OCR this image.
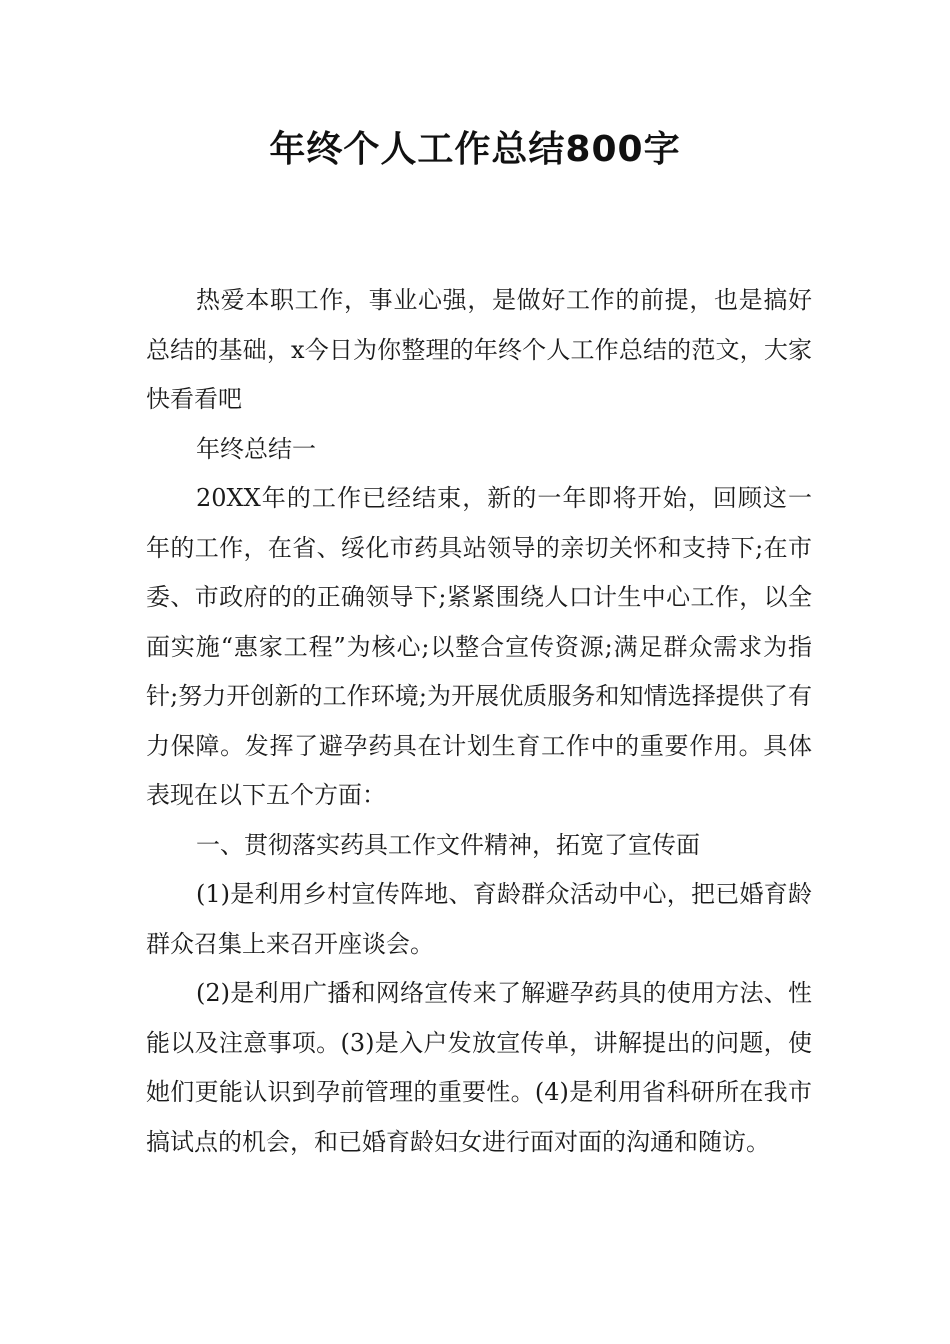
年终个人工作总结800字

热爱本职工作，事业心强，是做好工作的前提，也是搞好总结的基础，x今日为你整理的年终个人工作总结的范文，大家快看看吧

年终总结一

20XX年的工作已经结束，新的一年即将开始，回顾这一年的工作，在省、绥化市药具站领导的亲切关怀和支持下;在市委、市政府的的正确领导下;紧紧围绕人口计生中心工作，以全面实施“惠家工程”为核心;以整合宣传资源;满足群众需求为指针;努力开创新的工作环境;为开展优质服务和知情选择提供了有力保障。发挥了避孕药具在计划生育工作中的重要作用。具体表现在以下五个方面：

一、贯彻落实药具工作文件精神，拓宽了宣传面

(1)是利用乡村宣传阵地、育龄群众活动中心，把已婚育龄群众召集上来召开座谈会。

(2)是利用广播和网络宣传来了解避孕药具的使用方法、性能以及注意事项。(3)是入户发放宣传单，讲解提出的问题，使她们更能认识到孕前管理的重要性。(4)是利用省科研所在我市搞试点的机会，和已婚育龄妇女进行面对面的沟通和随访。
